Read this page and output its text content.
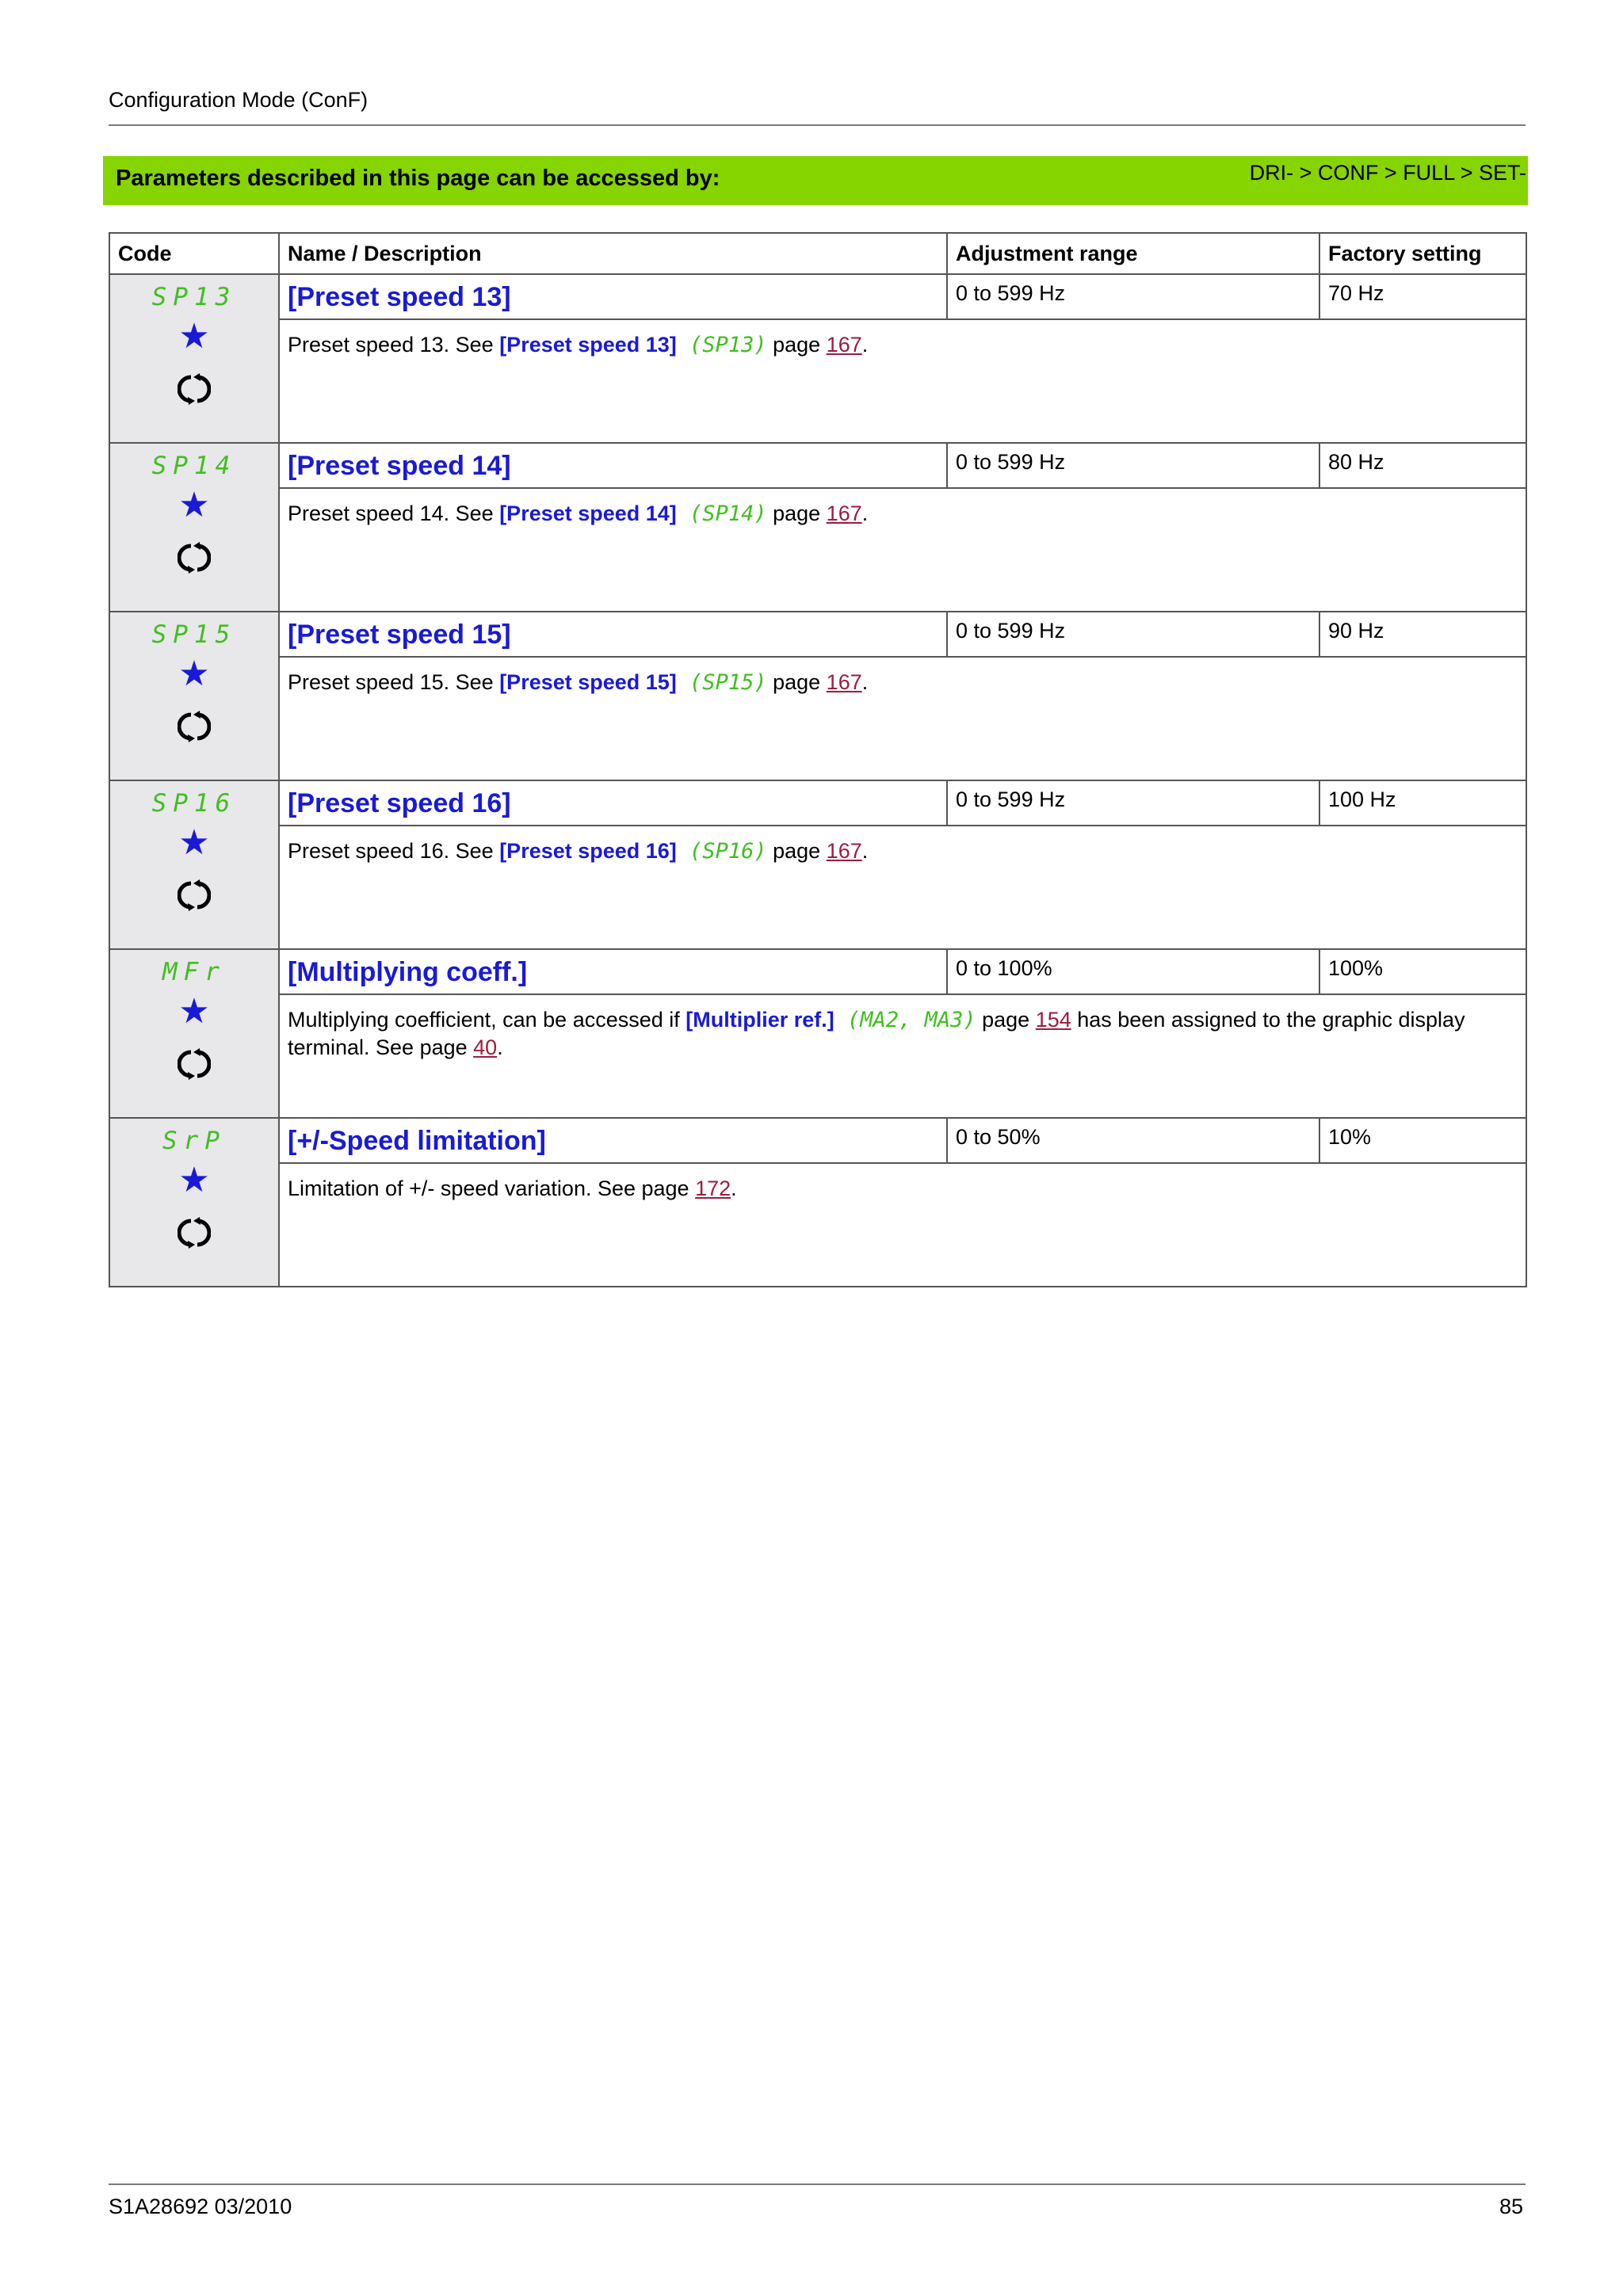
Configuration Mode (ConF)
Parameters described in this page can be accessed by:	DRI- > CONF > FULL > SET-
Code	Name / Description	Adjustment range	Factory setting

SP13
★	[Preset speed 13]	0 to 599 Hz	70 Hz

	Preset speed 13. See [Preset speed 13] (SP13) page 167.		

SP14
★	[Preset speed 14]	0 to 599 Hz	80 Hz

	Preset speed 14. See [Preset speed 14] (SP14) page 167.		

SP15
★	[Preset speed 15]	0 to 599 Hz	90 Hz

	Preset speed 15. See [Preset speed 15] (SP15) page 167.		

SP16
★	[Preset speed 16]	0 to 599 Hz	100 Hz

	Preset speed 16. See [Preset speed 16] (SP16) page 167.		

MFr
★	[Multiplying coeff.]	0 to 100%	100%

	Multiplying coefficient, can be accessed if [Multiplier ref.] (MA2, MA3) page 154 has been assigned to the graphic display terminal. See page 40.		

SrP
★	[+/-Speed limitation]	0 to 50%	10%

	Limitation of +/- speed variation. See page 172.		
S1A28692 03/2010	85
